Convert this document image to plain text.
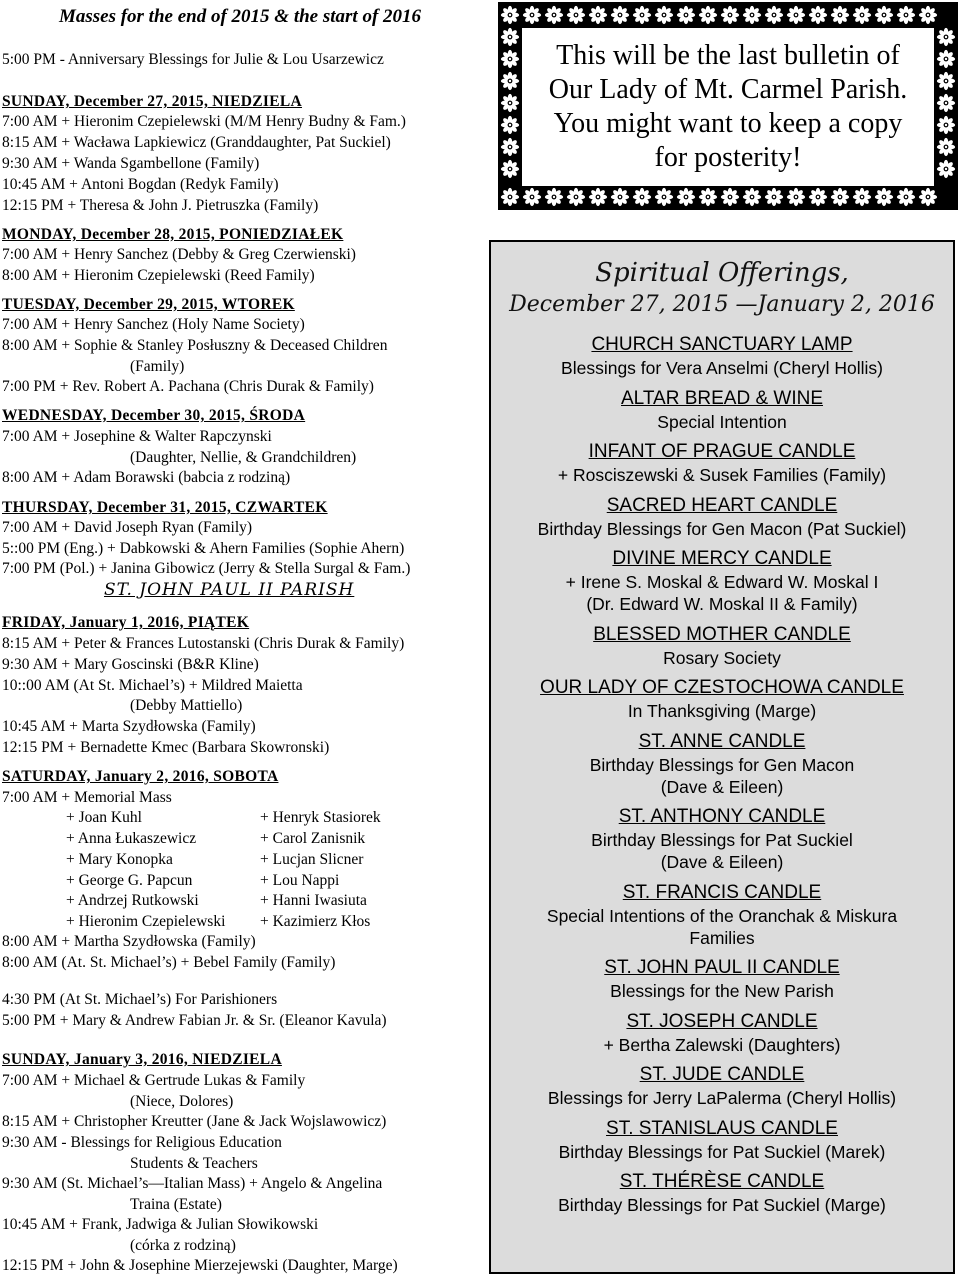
Masses for the end of 2015 & the start of 2016
5:00 PM - Anniversary Blessings for Julie & Lou Usarzewicz
SUNDAY, December 27, 2015, NIEDZIELA
7:00 AM + Hieronim Czepielewski (M/M Henry Budny & Fam.)
8:15 AM + Wacława Lapkiewicz (Granddaughter, Pat Suckiel)
9:30 AM + Wanda Sgambellone (Family)
10:45 AM + Antoni Bogdan (Redyk Family)
12:15 PM + Theresa & John J. Pietruszka (Family)
MONDAY, December 28, 2015, PONIEDZIAŁEK
7:00 AM + Henry Sanchez (Debby & Greg Czerwienski)
8:00 AM + Hieronim Czepielewski (Reed Family)
TUESDAY, December 29, 2015, WTOREK
7:00 AM + Henry Sanchez (Holy Name Society)
8:00 AM + Sophie & Stanley Posłuszny & Deceased Children
(Family)
7:00 PM + Rev. Robert A. Pachana (Chris Durak & Family)
WEDNESDAY, December 30, 2015, ŚRODA
7:00 AM + Josephine & Walter Rapczynski
(Daughter, Nellie, & Grandchildren)
8:00 AM + Adam Borawski (babcia z rodziną)
THURSDAY, December 31, 2015, CZWARTEK
7:00 AM + David Joseph Ryan (Family)
5::00 PM (Eng.) + Dabkowski & Ahern Families (Sophie Ahern)
7:00 PM (Pol.) + Janina Gibowicz (Jerry & Stella Surgal & Fam.)
FRIDAY, January 1, 2016, PIĄTEK
8:15 AM + Peter & Frances Lutostanski (Chris Durak & Family)
9:30 AM + Mary Goscinski (B&R Kline)
10::00 AM (At St. Michael’s) + Mildred Maietta
(Debby Mattiello)
10:45 AM + Marta Szydłowska (Family)
12:15 PM + Bernadette Kmec (Barbara Skowronski)
SATURDAY, January 2, 2016, SOBOTA
7:00 AM + Memorial Mass
+ Joan Kuhl	+ Henryk Stasiorek
+ Anna Łukaszewicz	+ Carol Zanisnik
+ Mary Konopka	+ Lucjan Slicner
+ George G. Papcun	+ Lou Nappi
+ Andrzej Rutkowski	+ Hanni Iwasiuta
+ Hieronim Czepielewski + Kazimierz Kłos
8:00 AM + Martha Szydłowska (Family)
8:00 AM (At. St. Michael’s) + Bebel Family (Family)
4:30 PM (At St. Michael’s) For Parishioners
5:00 PM + Mary & Andrew Fabian Jr. & Sr. (Eleanor Kavula)
SUNDAY, January 3, 2016, NIEDZIELA
7:00 AM + Michael & Gertrude Lukas & Family
(Niece, Dolores)
8:15 AM + Christopher Kreutter (Jane & Jack Wojslawowicz)
9:30 AM - Blessings for Religious Education
Students & Teachers
9:30 AM (St. Michael’s—Italian Mass) + Angelo & Angelina
Traina (Estate)
10:45 AM + Frank, Jadwiga & Julian Słowikowski
(córka z rodziną)
12:15 PM + John & Josephine Mierzejewski (Daughter, Marge)
ST. JOHN PAUL II PARISH
This will be the last bulletin of
Our Lady of Mt. Carmel Parish.
You might want to keep a copy
for posterity!
Spiritual Offerings,
December 27, 2015 —January 2, 2016
CHURCH SANCTUARY LAMP
Blessings for Vera Anselmi (Cheryl Hollis)
ALTAR BREAD & WINE
Special Intention
INFANT OF PRAGUE CANDLE
+ Rosciszewski & Susek Families (Family)
SACRED HEART CANDLE
Birthday Blessings for Gen Macon (Pat Suckiel)
DIVINE MERCY CANDLE
+ Irene S. Moskal & Edward W. Moskal I
(Dr. Edward W. Moskal II & Family)
BLESSED MOTHER CANDLE
Rosary Society
OUR LADY OF CZESTOCHOWA CANDLE
In Thanksgiving (Marge)
ST. ANNE CANDLE
Birthday Blessings for Gen Macon
(Dave & Eileen)
ST. ANTHONY CANDLE
Birthday Blessings for Pat Suckiel
(Dave & Eileen)
ST. FRANCIS CANDLE
Special Intentions of the Oranchak & Miskura
Families
ST. JOHN PAUL II CANDLE
Blessings for the New Parish
ST. JOSEPH CANDLE
+ Bertha Zalewski (Daughters)
ST. JUDE CANDLE
Blessings for Jerry LaPalerma (Cheryl Hollis)
ST. STANISLAUS CANDLE
Birthday Blessings for Pat Suckiel (Marek)
ST. THÉRÈSE CANDLE
Birthday Blessings for Pat Suckiel (Marge)
